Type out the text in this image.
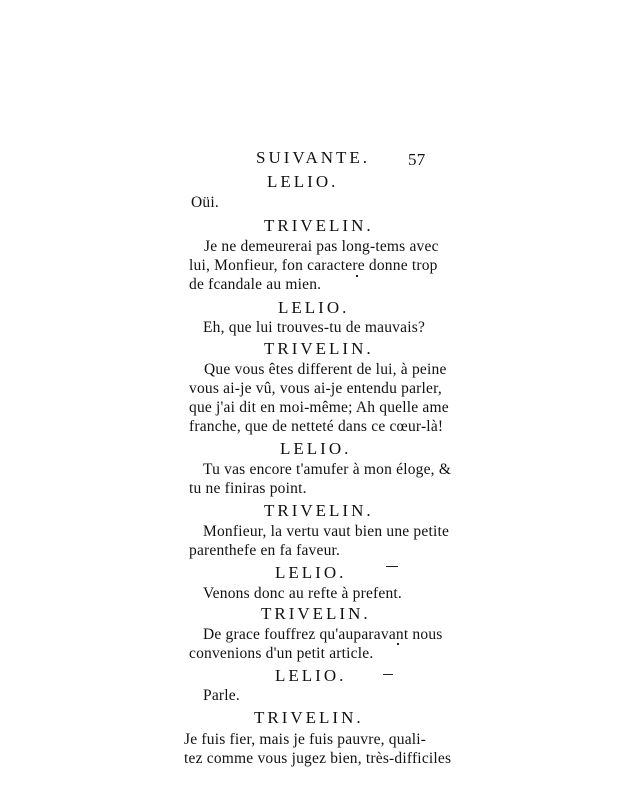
SUIVANTE. 57
LELIO.
Oüi.
TRIVELIN.
Je ne demeurerai pas long-tems avec
lui, Monfieur, fon caractere donne trop
de fcandale au mien.
LELIO.
Eh, que lui trouves-tu de mauvais?
TRIVELIN.
Que vous êtes different de lui, à peine
vous ai-je vû, vous ai-je entendu parler,
que j'ai dit en moi-même; Ah quelle ame
franche, que de netteté dans ce cœur-là!
LELIO.
Tu vas encore t'amufer à mon éloge, &
tu ne finiras point.
TRIVELIN.
Monfieur, la vertu vaut bien une petite
parenthefe en fa faveur.
LELIO.
Venons donc au refte à prefent.
TRIVELIN.
De grace fouffrez qu'auparavant nous
convenions d'un petit article.
LELIO.
Parle.
TRIVELIN.
Je fuis fier, mais je fuis pauvre, quali-
tez comme vous jugez bien, très-difficiles
